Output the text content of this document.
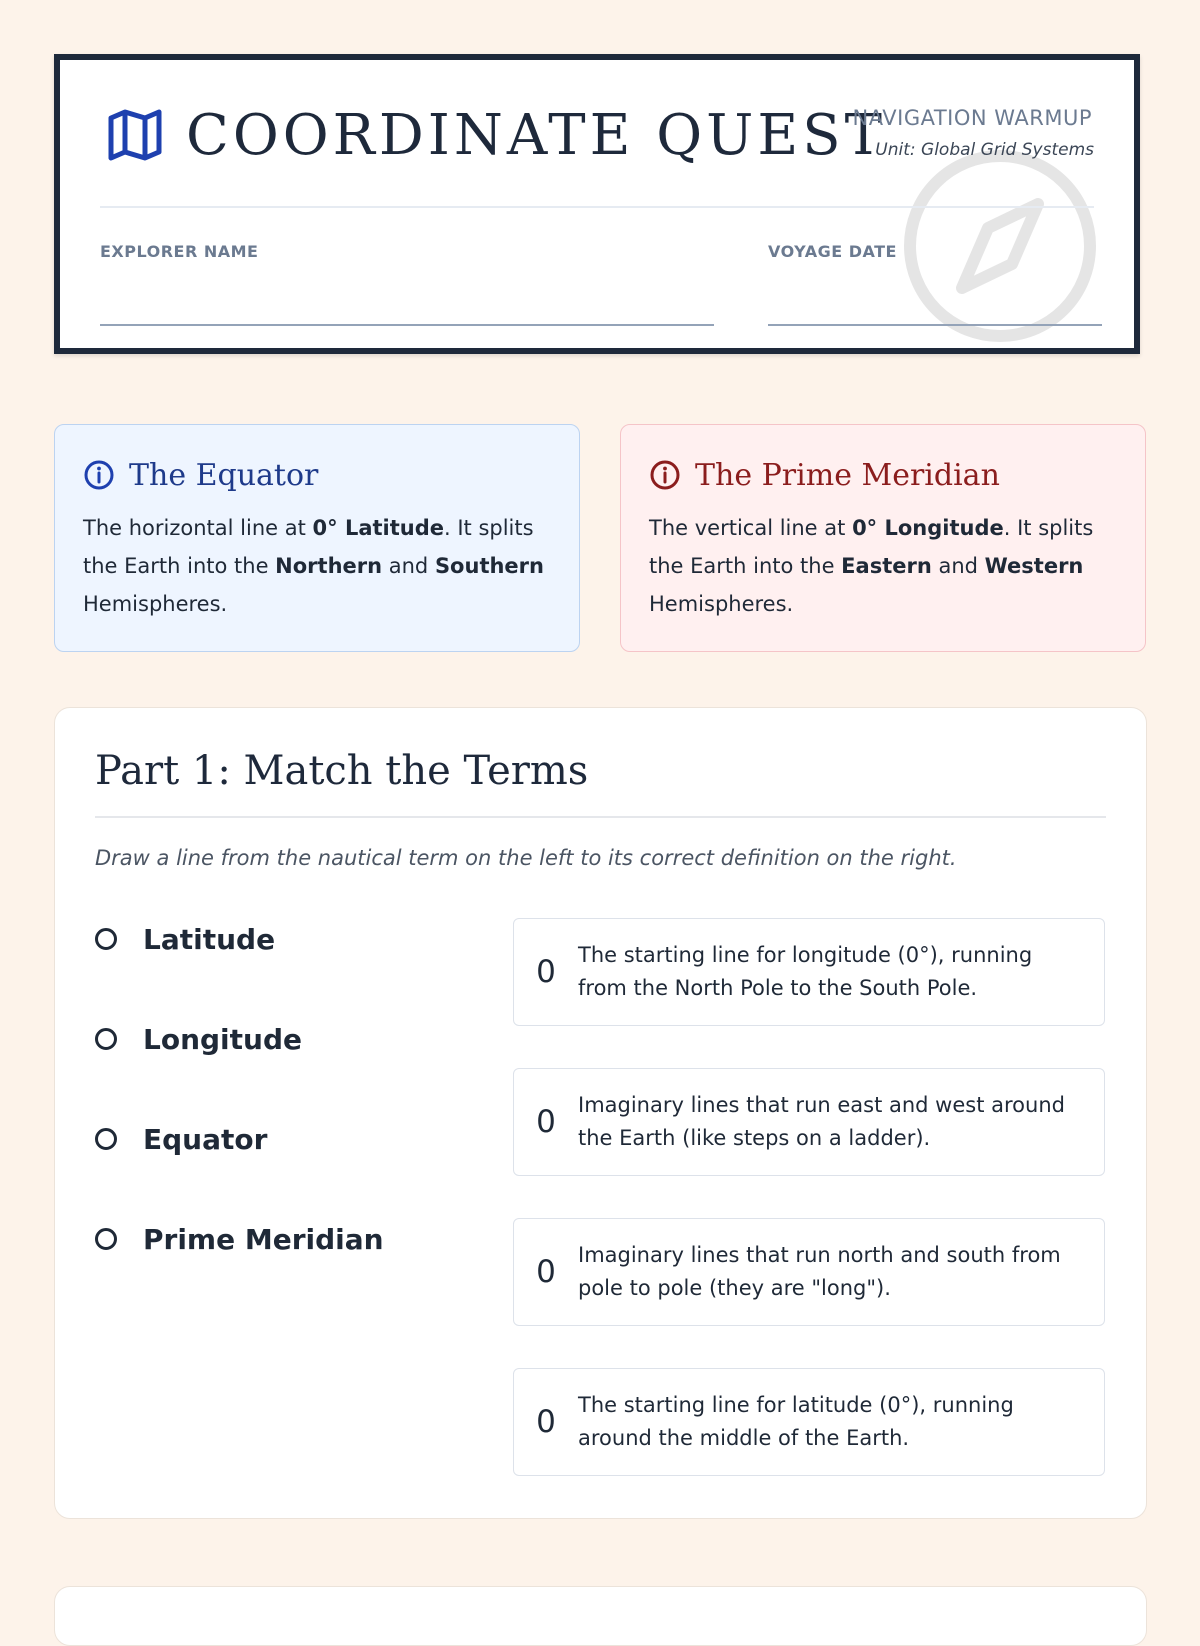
COORDINATE QUEST
NAVIGATION WARMUP
Unit: Global Grid Systems
EXPLORER NAME	VOYAGE DATE
The Equator
The horizontal line at 0° Latitude. It splits the Earth into the Northern and Southern Hemispheres.
The Prime Meridian
The vertical line at 0° Longitude. It splits the Earth into the Eastern and Western Hemispheres.
Part 1: Match the Terms
Draw a line from the nautical term on the left to its correct definition on the right.
Latitude
Longitude
Equator
Prime Meridian
0	The starting line for longitude (0°), running from the North Pole to the South Pole.
0	Imaginary lines that run east and west around the Earth (like steps on a ladder).
0	Imaginary lines that run north and south from pole to pole (they are "long").
0	The starting line for latitude (0°), running around the middle of the Earth.
